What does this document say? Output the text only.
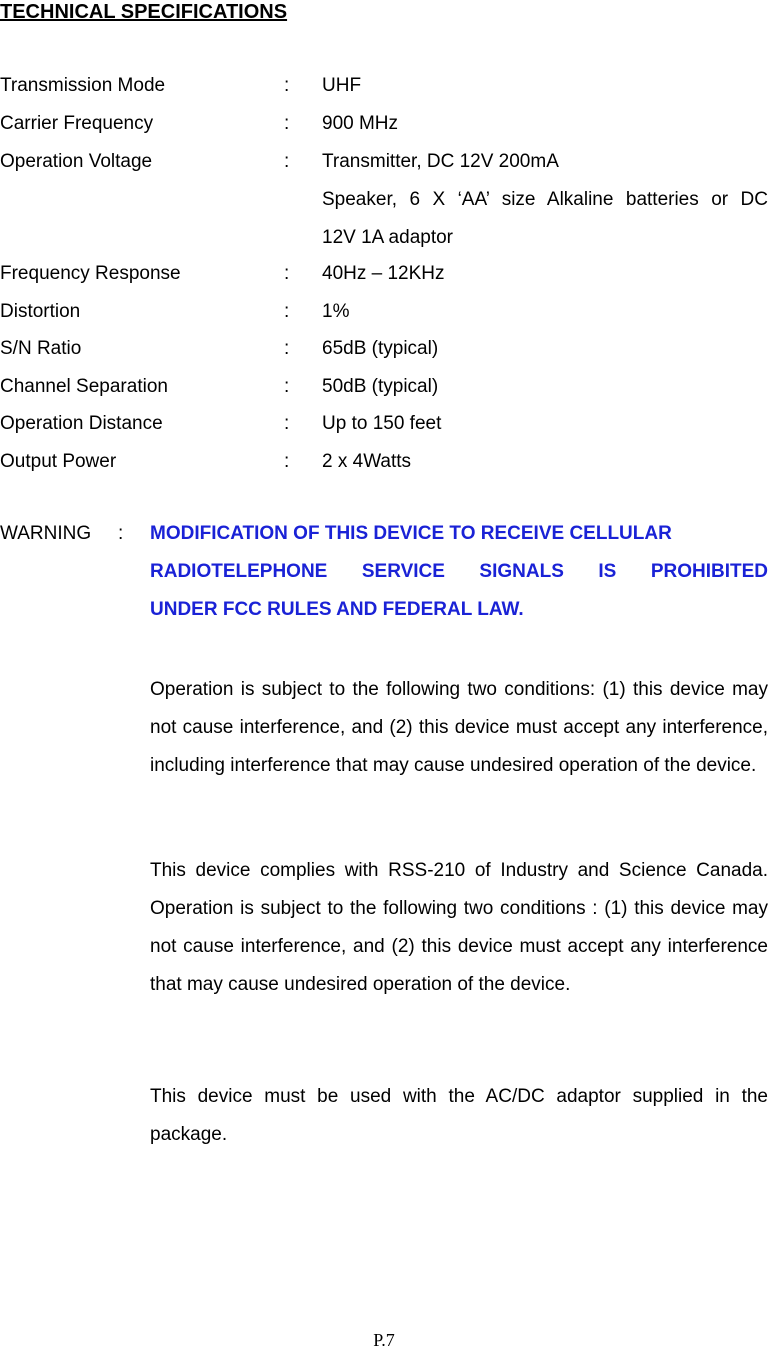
TECHNICAL SPECIFICATIONS
Transmission Mode	: UHF
Carrier Frequency	: 900 MHz
Operation Voltage	: Transmitter, DC 12V 200mA
Speaker, 6 X ‘AA’ size Alkaline batteries or DC
12V 1A adaptor
Frequency Response	: 40Hz – 12KHz
Distortion	: 1%
S/N Ratio	: 65dB (typical)
Channel Separation	: 50dB (typical)
Operation Distance	: Up to 150 feet
Output Power	: 2 x 4Watts
WARNING : MODIFICATION OF THIS DEVICE TO RECEIVE CELLULAR
RADIOTELEPHONE SERVICE SIGNALS IS PROHIBITED
UNDER FCC RULES AND FEDERAL LAW.

Operation is subject to the following two conditions: (1) this device may not cause interference, and (2) this device must accept any interference, including interference that may cause undesired operation of the device.

This device complies with RSS-210 of Industry and Science Canada. Operation is subject to the following two conditions : (1) this device may not cause interference, and (2) this device must accept any interference that may cause undesired operation of the device.

This device must be used with the AC/DC adaptor supplied in the package.

P.7
